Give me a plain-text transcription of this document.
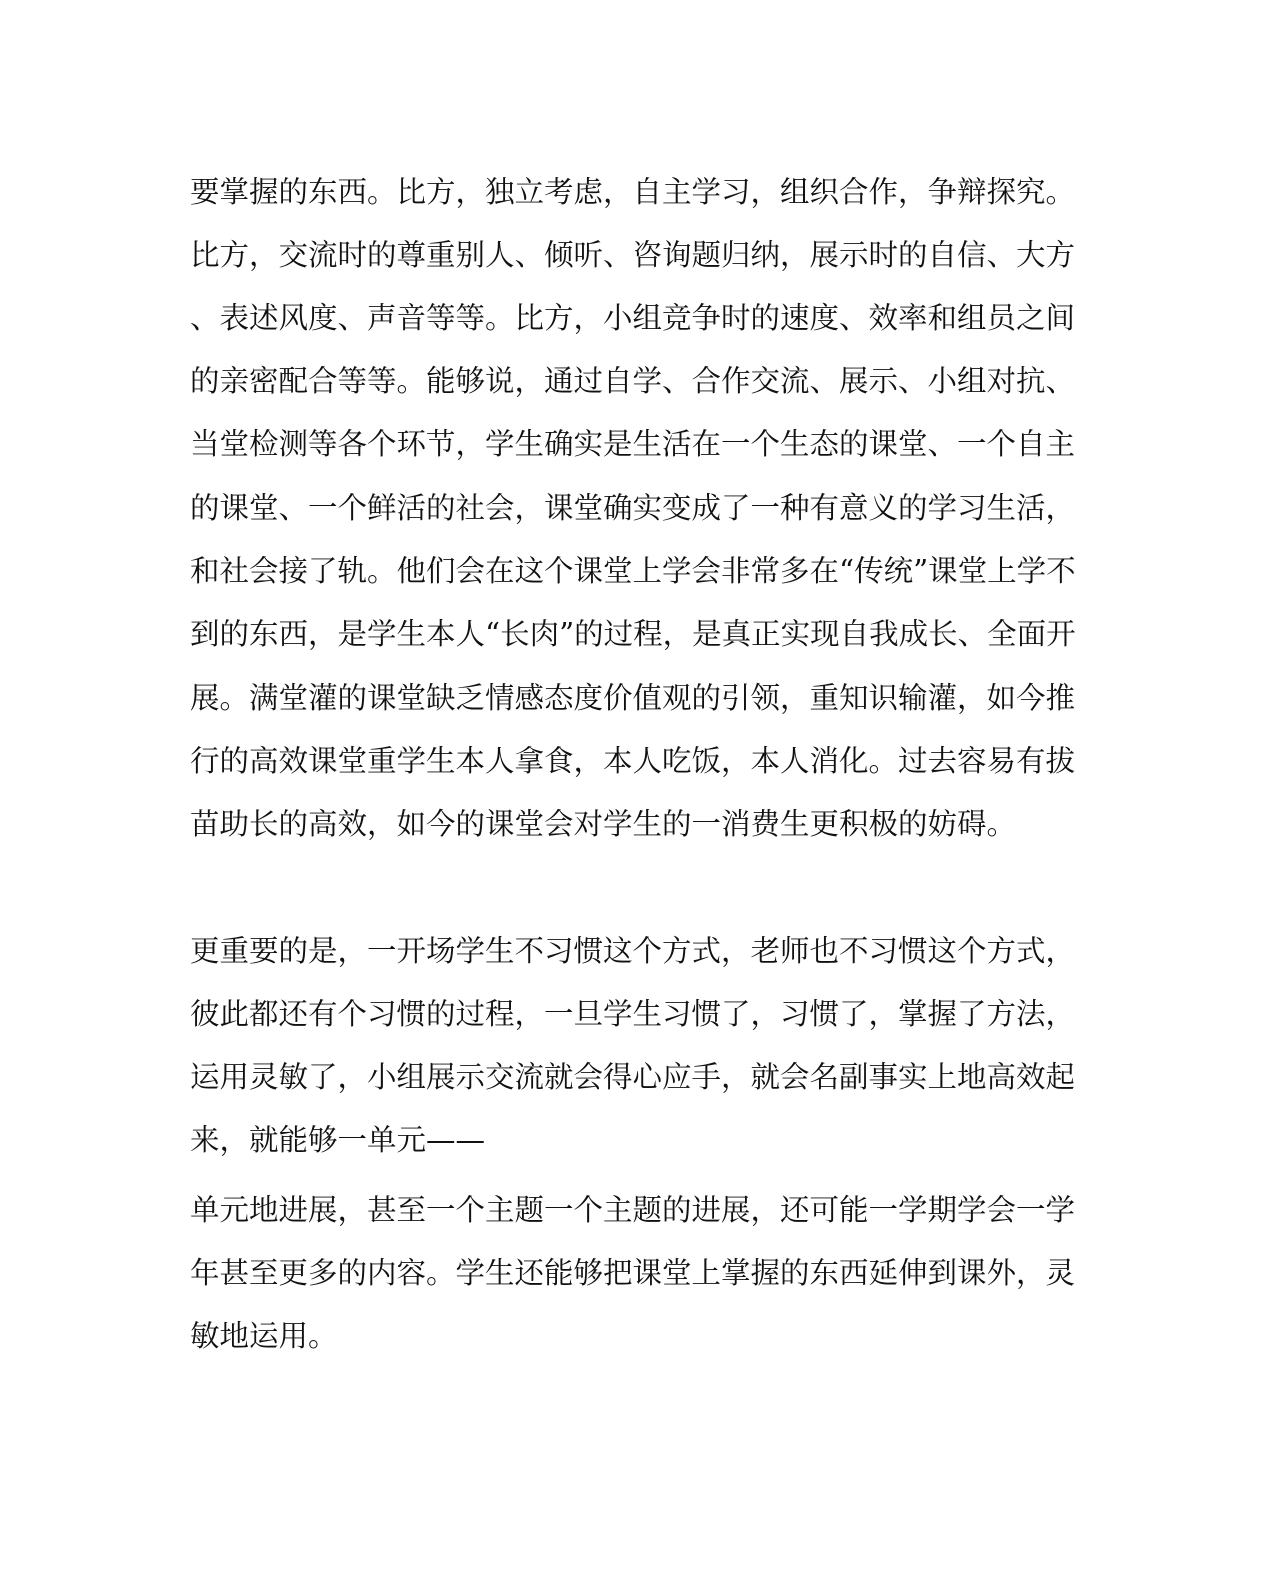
要掌握的东西。比方，独立考虑，自主学习，组织合作，争辩探究。

比方，交流时的尊重别人、倾听、咨询题归纳，展示时的自信、大方

、表述风度、声音等等。比方，小组竞争时的速度、效率和组员之间

的亲密配合等等。能够说，通过自学、合作交流、展示、小组对抗、

当堂检测等各个环节，学生确实是生活在一个生态的课堂、一个自主

的课堂、一个鲜活的社会，课堂确实变成了一种有意义的学习生活，

和社会接了轨。他们会在这个课堂上学会非常多在“传统”课堂上学不

到的东西，是学生本人“长肉”的过程，是真正实现自我成长、全面开

展。满堂灌的课堂缺乏情感态度价值观的引领，重知识输灌，如今推

行的高效课堂重学生本人拿食，本人吃饭，本人消化。过去容易有拔

苗助长的高效，如今的课堂会对学生的一消费生更积极的妨碍。

更重要的是，一开场学生不习惯这个方式，老师也不习惯这个方式，

彼此都还有个习惯的过程，一旦学生习惯了，习惯了，掌握了方法，

运用灵敏了，小组展示交流就会得心应手，就会名副事实上地高效起

来，就能够一单元——

单元地进展，甚至一个主题一个主题的进展，还可能一学期学会一学

年甚至更多的内容。学生还能够把课堂上掌握的东西延伸到课外，灵

敏地运用。
